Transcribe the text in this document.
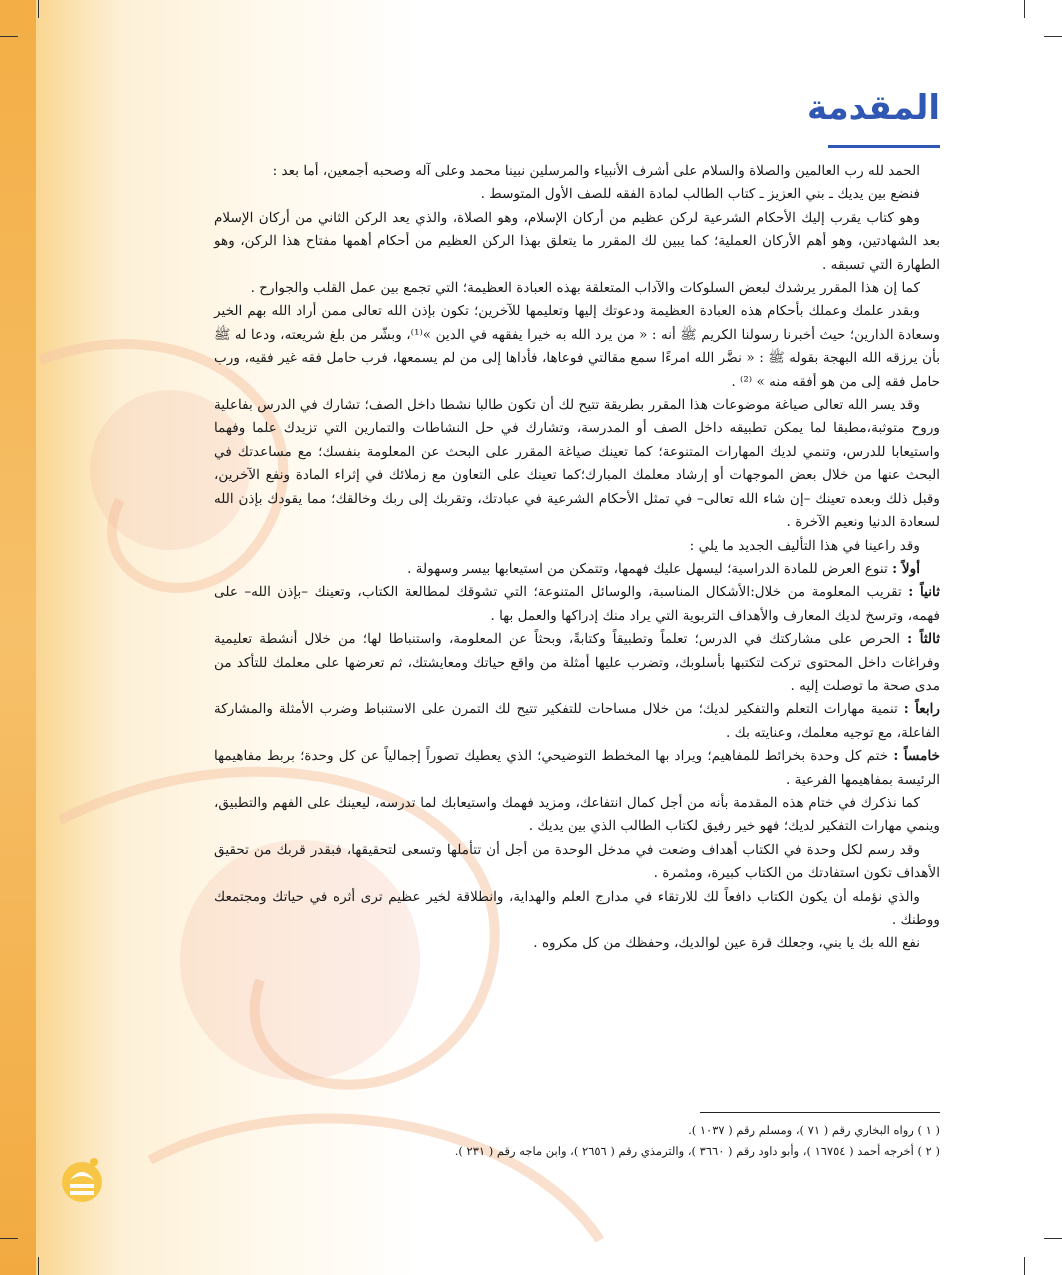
المقدمة

الحمد لله رب العالمين والصلاة والسلام على أشرف الأنبياء والمرسلين نبينا محمد وعلى آله وصحبه أجمعين، أما بعد :

فنضع بين يديك ـ بني العزيز ـ كتاب الطالب لمادة الفقه للصف الأول المتوسط .

وهو كتاب يقرب إليك الأحكام الشرعية لركن عظيم من أركان الإسلام، وهو الصلاة، والذي يعد الركن الثاني من أركان الإسلام بعد الشهادتين، وهو أهم الأركان العملية؛ كما يبين لك المقرر ما يتعلق بهذا الركن العظيم من أحكام أهمها مفتاح هذا الركن، وهو الطهارة التي تسبقه .

كما إن هذا المقرر يرشدك لبعض السلوكات والآداب المتعلقة بهذه العبادة العظيمة؛ التي تجمع بين عمل القلب والجوارح .

وبقدر علمك وعملك بأحكام هذه العبادة العظيمة ودعوتك إليها وتعليمها للآخرين؛ تكون بإذن الله تعالى ممن أراد الله بهم الخير وسعادة الدارين؛ حيث أخبرنا رسولنا الكريم ﷺ أنه : « من يرد الله به خيرا يفقهه في الدين »⁽¹⁾، وبشّر من بلغ شريعته، ودعا له ﷺ بأن يرزقه الله البهجة بقوله ﷺ : « نضَّر الله امرءًا سمع مقالتي فوعاها، فأداها إلى من لم يسمعها، فرب حامل فقه غير فقيه، ورب حامل فقه إلى من هو أفقه منه » ⁽²⁾ .

وقد يسر الله تعالى صياغة موضوعات هذا المقرر بطريقة تتيح لك أن تكون طالبا نشطا داخل الصف؛ تشارك في الدرس بفاعلية وروح متوثبة،مطبقا لما يمكن تطبيقه داخل الصف أو المدرسة، وتشارك في حل النشاطات والتمارين التي تزيدك علما وفهما واستيعابا للدرس، وتنمي لديك المهارات المتنوعة؛ كما تعينك صياغة المقرر على البحث عن المعلومة بنفسك؛ مع مساعدتك في البحث عنها من خلال بعض الموجهات أو إرشاد معلمك المبارك؛كما تعينك على التعاون مع زملائك في إثراء المادة ونفع الآخرين، وقبل ذلك وبعده تعينك –إن شاء الله تعالى– في تمثل الأحكام الشرعية في عبادتك، وتقربك إلى ربك وخالقك؛ مما يقودك بإذن الله لسعادة الدنيا ونعيم الآخرة .

وقد راعينا في هذا التأليف الجديد ما يلي :

أولاً : تنوع العرض للمادة الدراسية؛ ليسهل عليك فهمها، وتتمكن من استيعابها بيسر وسهولة .

ثانياً : تقريب المعلومة من خلال:الأشكال المناسبة، والوسائل المتنوعة؛ التي تشوقك لمطالعة الكتاب، وتعينك –بإذن الله– على فهمه، وترسخ لديك المعارف والأهداف التربوية التي يراد منك إدراكها والعمل بها .

ثالثاً : الحرص على مشاركتك في الدرس؛ تعلماً وتطبيقاً وكتابةً، وبحثاً عن المعلومة، واستنباطا لها؛ من خلال أنشطة تعليمية وفراغات داخل المحتوى تركت لتكتبها بأسلوبك، وتضرب عليها أمثلة من واقع حياتك ومعايشتك، ثم تعرضها على معلمك للتأكد من مدى صحة ما توصلت إليه .

رابعاً : تنمية مهارات التعلم والتفكير لديك؛ من خلال مساحات للتفكير تتيح لك التمرن على الاستنباط وضرب الأمثلة والمشاركة الفاعلة، مع توجيه معلمك، وعنايته بك .

خامساً : ختم كل وحدة بخرائط للمفاهيم؛ ويراد بها المخطط التوضيحي؛ الذي يعطيك تصوراً إجمالياً عن كل وحدة؛ بربط مفاهيمها الرئيسة بمفاهيمها الفرعية .

كما نذكرك في ختام هذه المقدمة بأنه من أجل كمال انتفاعك، ومزيد فهمك واستيعابك لما تدرسه، ليعينك على الفهم والتطبيق، وينمي مهارات التفكير لديك؛ فهو خير رفيق لكتاب الطالب الذي بين يديك .

وقد رسم لكل وحدة في الكتاب أهداف وضعت في مدخل الوحدة من أجل أن تتأملها وتسعى لتحقيقها، فبقدر قربك من تحقيق الأهداف تكون استفادتك من الكتاب كبيرة، ومثمرة .

والذي نؤمله أن يكون الكتاب دافعاً لك للارتقاء في مدارج العلم والهداية، وانطلاقة لخير عظيم ترى أثره في حياتك ومجتمعك ووطنك .

نفع الله بك يا بني، وجعلك قرة عين لوالديك، وحفظك من كل مكروه .

( ١ ) رواه البخاري رقم ( ٧١ )، ومسلم رقم ( ١٠٣٧ ).

( ٢ ) أخرجه أحمد ( ١٦٧٥٤ )، وأبو داود رقم ( ٣٦٦٠ )، والترمذي رقم ( ٢٦٥٦ )، وابن ماجه رقم ( ٢٣١ ).
